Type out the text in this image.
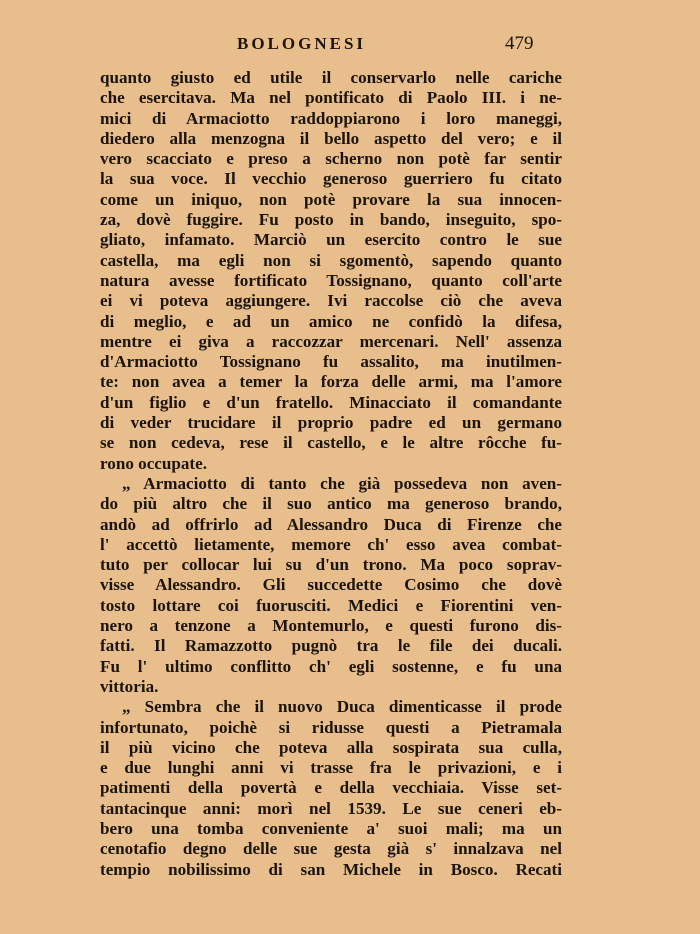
BOLOGNESI	479
quanto giusto ed utile il conservarlo nelle cariche
che esercitava. Ma nel pontificato di Paolo III. i ne-
mici di Armaciotto raddoppiarono i loro maneggi,
diedero alla menzogna il bello aspetto del vero; e il
vero scacciato e preso a scherno non potè far sentir
la sua voce. Il vecchio generoso guerriero fu citato
come un iniquo, non potè provare la sua innocen-
za, dovè fuggire. Fu posto in bando, inseguito, spo-
gliato, infamato. Marciò un esercito contro le sue
castella, ma egli non si sgomentò, sapendo quanto
natura avesse fortificato Tossignano, quanto coll'arte
ei vi poteva aggiungere. Ivi raccolse ciò che aveva
di meglio, e ad un amico ne confidò la difesa,
mentre ei giva a raccozzar mercenari. Nell' assenza
d'Armaciotto Tossignano fu assalito, ma inutilmen-
te: non avea a temer la forza delle armi, ma l'amore
d'un figlio e d'un fratello. Minacciato il comandante
di veder trucidare il proprio padre ed un germano
se non cedeva, rese il castello, e le altre rôcche fu-
rono occupate.
„ Armaciotto di tanto che già possedeva non aven-
do più altro che il suo antico ma generoso brando,
andò ad offrirlo ad Alessandro Duca di Firenze che
l' accettò lietamente, memore ch' esso avea combat-
tuto per collocar lui su d'un trono. Ma poco soprav-
visse Alessandro. Gli succedette Cosimo che dovè
tosto lottare coi fuorusciti. Medici e Fiorentini ven-
nero a tenzone a Montemurlo, e questi furono dis-
fatti. Il Ramazzotto pugnò tra le file dei ducali.
Fu l' ultimo conflitto ch' egli sostenne, e fu una
vittoria.
„ Sembra che il nuovo Duca dimenticasse il prode
infortunato, poichè si ridusse questi a Pietramala
il più vicino che poteva alla sospirata sua culla,
e due lunghi anni vi trasse fra le privazioni, e i
patimenti della povertà e della vecchiaia. Visse set-
tantacinque anni: morì nel 1539. Le sue ceneri eb-
bero una tomba conveniente a' suoi mali; ma un
cenotafio degno delle sue gesta già s' innalzava nel
tempio nobilissimo di san Michele in Bosco. Recati
